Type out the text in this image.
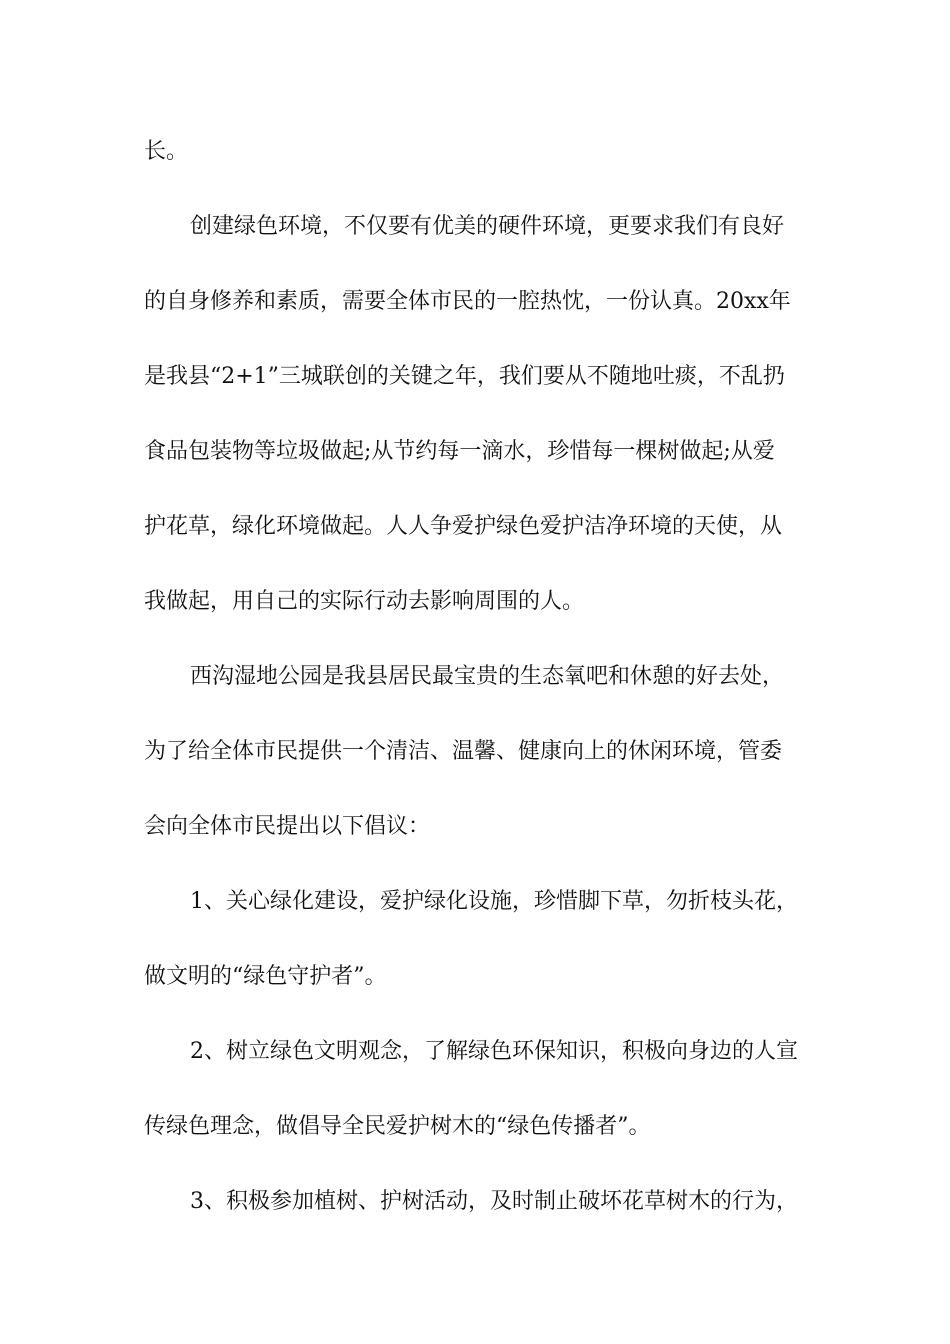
长。
创建绿色环境，不仅要有优美的硬件环境，更要求我们有良好
的自身修养和素质，需要全体市民的一腔热忱，一份认真。20xx年
是我县“2+1”三城联创的关键之年，我们要从不随地吐痰，不乱扔
食品包装物等垃圾做起;从节约每一滴水，珍惜每一棵树做起;从爱
护花草，绿化环境做起。人人争爱护绿色爱护洁净环境的天使，从
我做起，用自己的实际行动去影响周围的人。
西沟湿地公园是我县居民最宝贵的生态氧吧和休憩的好去处，
为了给全体市民提供一个清洁、温馨、健康向上的休闲环境，管委
会向全体市民提出以下倡议：
1、关心绿化建设，爱护绿化设施，珍惜脚下草，勿折枝头花，
做文明的“绿色守护者”。
2、树立绿色文明观念，了解绿色环保知识，积极向身边的人宣
传绿色理念，做倡导全民爱护树木的“绿色传播者”。
3、积极参加植树、护树活动，及时制止破坏花草树木的行为，
